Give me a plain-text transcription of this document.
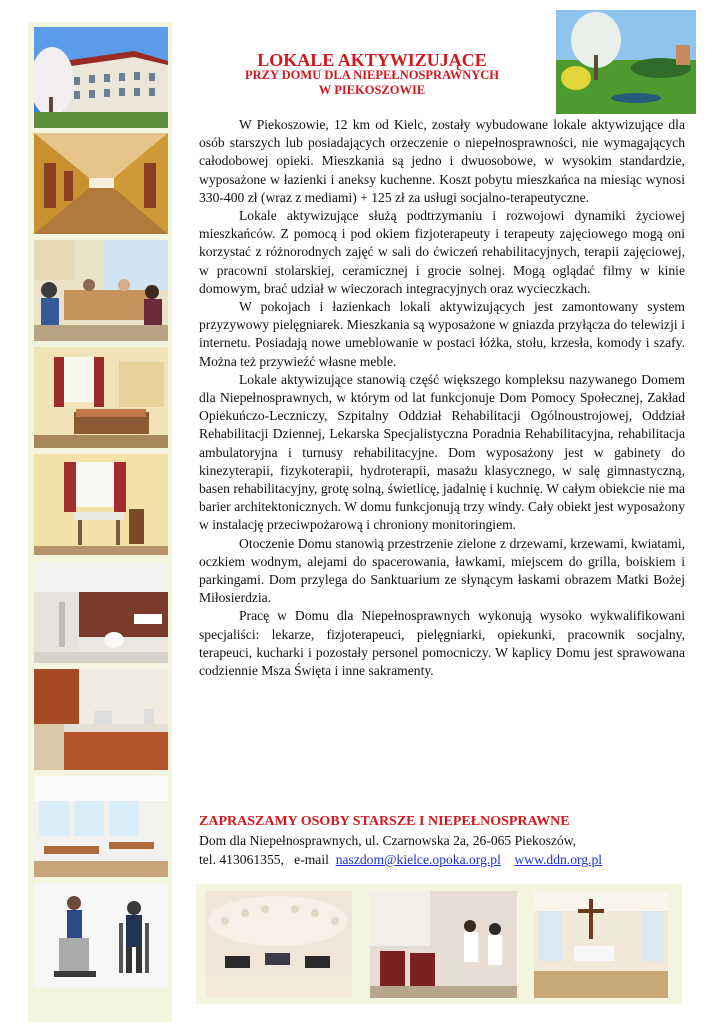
LOKALE AKTYWIZUJĄCE
PRZY DOMU DLA NIEPEŁNOSPRAWNYCH
W PIEKOSZOWIE

W Piekoszowie, 12 km od Kielc, zostały wybudowane lokale aktywizujące dla osób starszych lub posiadających orzeczenie o niepełnosprawności, nie wymagających całodobowej opieki. Mieszkania są jedno i dwuosobowe, w wysokim standardzie, wyposażone w łazienki i aneksy kuchenne. Koszt pobytu mieszkańca na miesiąc wynosi 330-400 zł (wraz z mediami) + 125 zł za usługi socjalno-terapeutyczne.

Lokale aktywizujące służą podtrzymaniu i rozwojowi dynamiki życiowej mieszkańców. Z pomocą i pod okiem fizjoterapeuty i terapeuty zajęciowego mogą oni korzystać z różnorodnych zajęć w sali do ćwiczeń rehabilitacyjnych, terapii zajęciowej, w pracowni stolarskiej, ceramicznej i grocie solnej. Mogą oglądać filmy w kinie domowym, brać udział w wieczorach integracyjnych oraz wycieczkach.

W pokojach i łazienkach lokali aktywizujących jest zamontowany system przyzywowy pielęgniarek. Mieszkania są wyposażone w gniazda przyłącza do telewizji i internetu. Posiadają nowe umeblowanie w postaci łóżka, stołu, krzesła, komody i szafy. Można też przywieźć własne meble.

Lokale aktywizujące stanowią część większego kompleksu nazywanego Domem dla Niepełnosprawnych, w którym od lat funkcjonuje Dom Pomocy Społecznej, Zakład Opiekuńczo-Leczniczy, Szpitalny Oddział Rehabilitacji Ogólnoustrojowej, Oddział Rehabilitacji Dziennej, Lekarska Specjalistyczna Poradnia Rehabilitacyjna, rehabilitacja ambulatoryjna i turnusy rehabilitacyjne. Dom wyposażony jest w gabinety do kinezyterapii, fizykoterapii, hydroterapii, masażu klasycznego, w salę gimnastyczną, basen rehabilitacyjny, grotę solną, świetlicę, jadalnię i kuchnię. W całym obiekcie nie ma barier architektonicznych. W domu funkcjonują trzy windy. Cały obiekt jest wyposażony w instalację przeciwpożarową i chroniony monitoringiem.

Otoczenie Domu stanowią przestrzenie zielone z drzewami, krzewami, kwiatami, oczkiem wodnym, alejami do spacerowania, ławkami, miejscem do grilla, boiskiem i parkingami. Dom przylega do Sanktuarium ze słynącym łaskami obrazem Matki Bożej Miłosierdzia.

Pracę w Domu dla Niepełnosprawnych wykonują wysoko wykwalifikowani specjaliści: lekarze, fizjoterapeuci, pielęgniarki, opiekunki, pracownik socjalny, terapeuci, kucharki i pozostały personel pomocniczy. W kaplicy Domu jest sprawowana codziennie Msza Święta i inne sakramenty.

ZAPRASZAMY OSOBY STARSZE I NIEPEŁNOSPRAWNE
Dom dla Niepełnosprawnych, ul. Czarnowska 2a, 26-065 Piekoszów,
tel. 413061355, e-mail naszdom@kielce.opoka.org.pl www.ddn.org.pl
